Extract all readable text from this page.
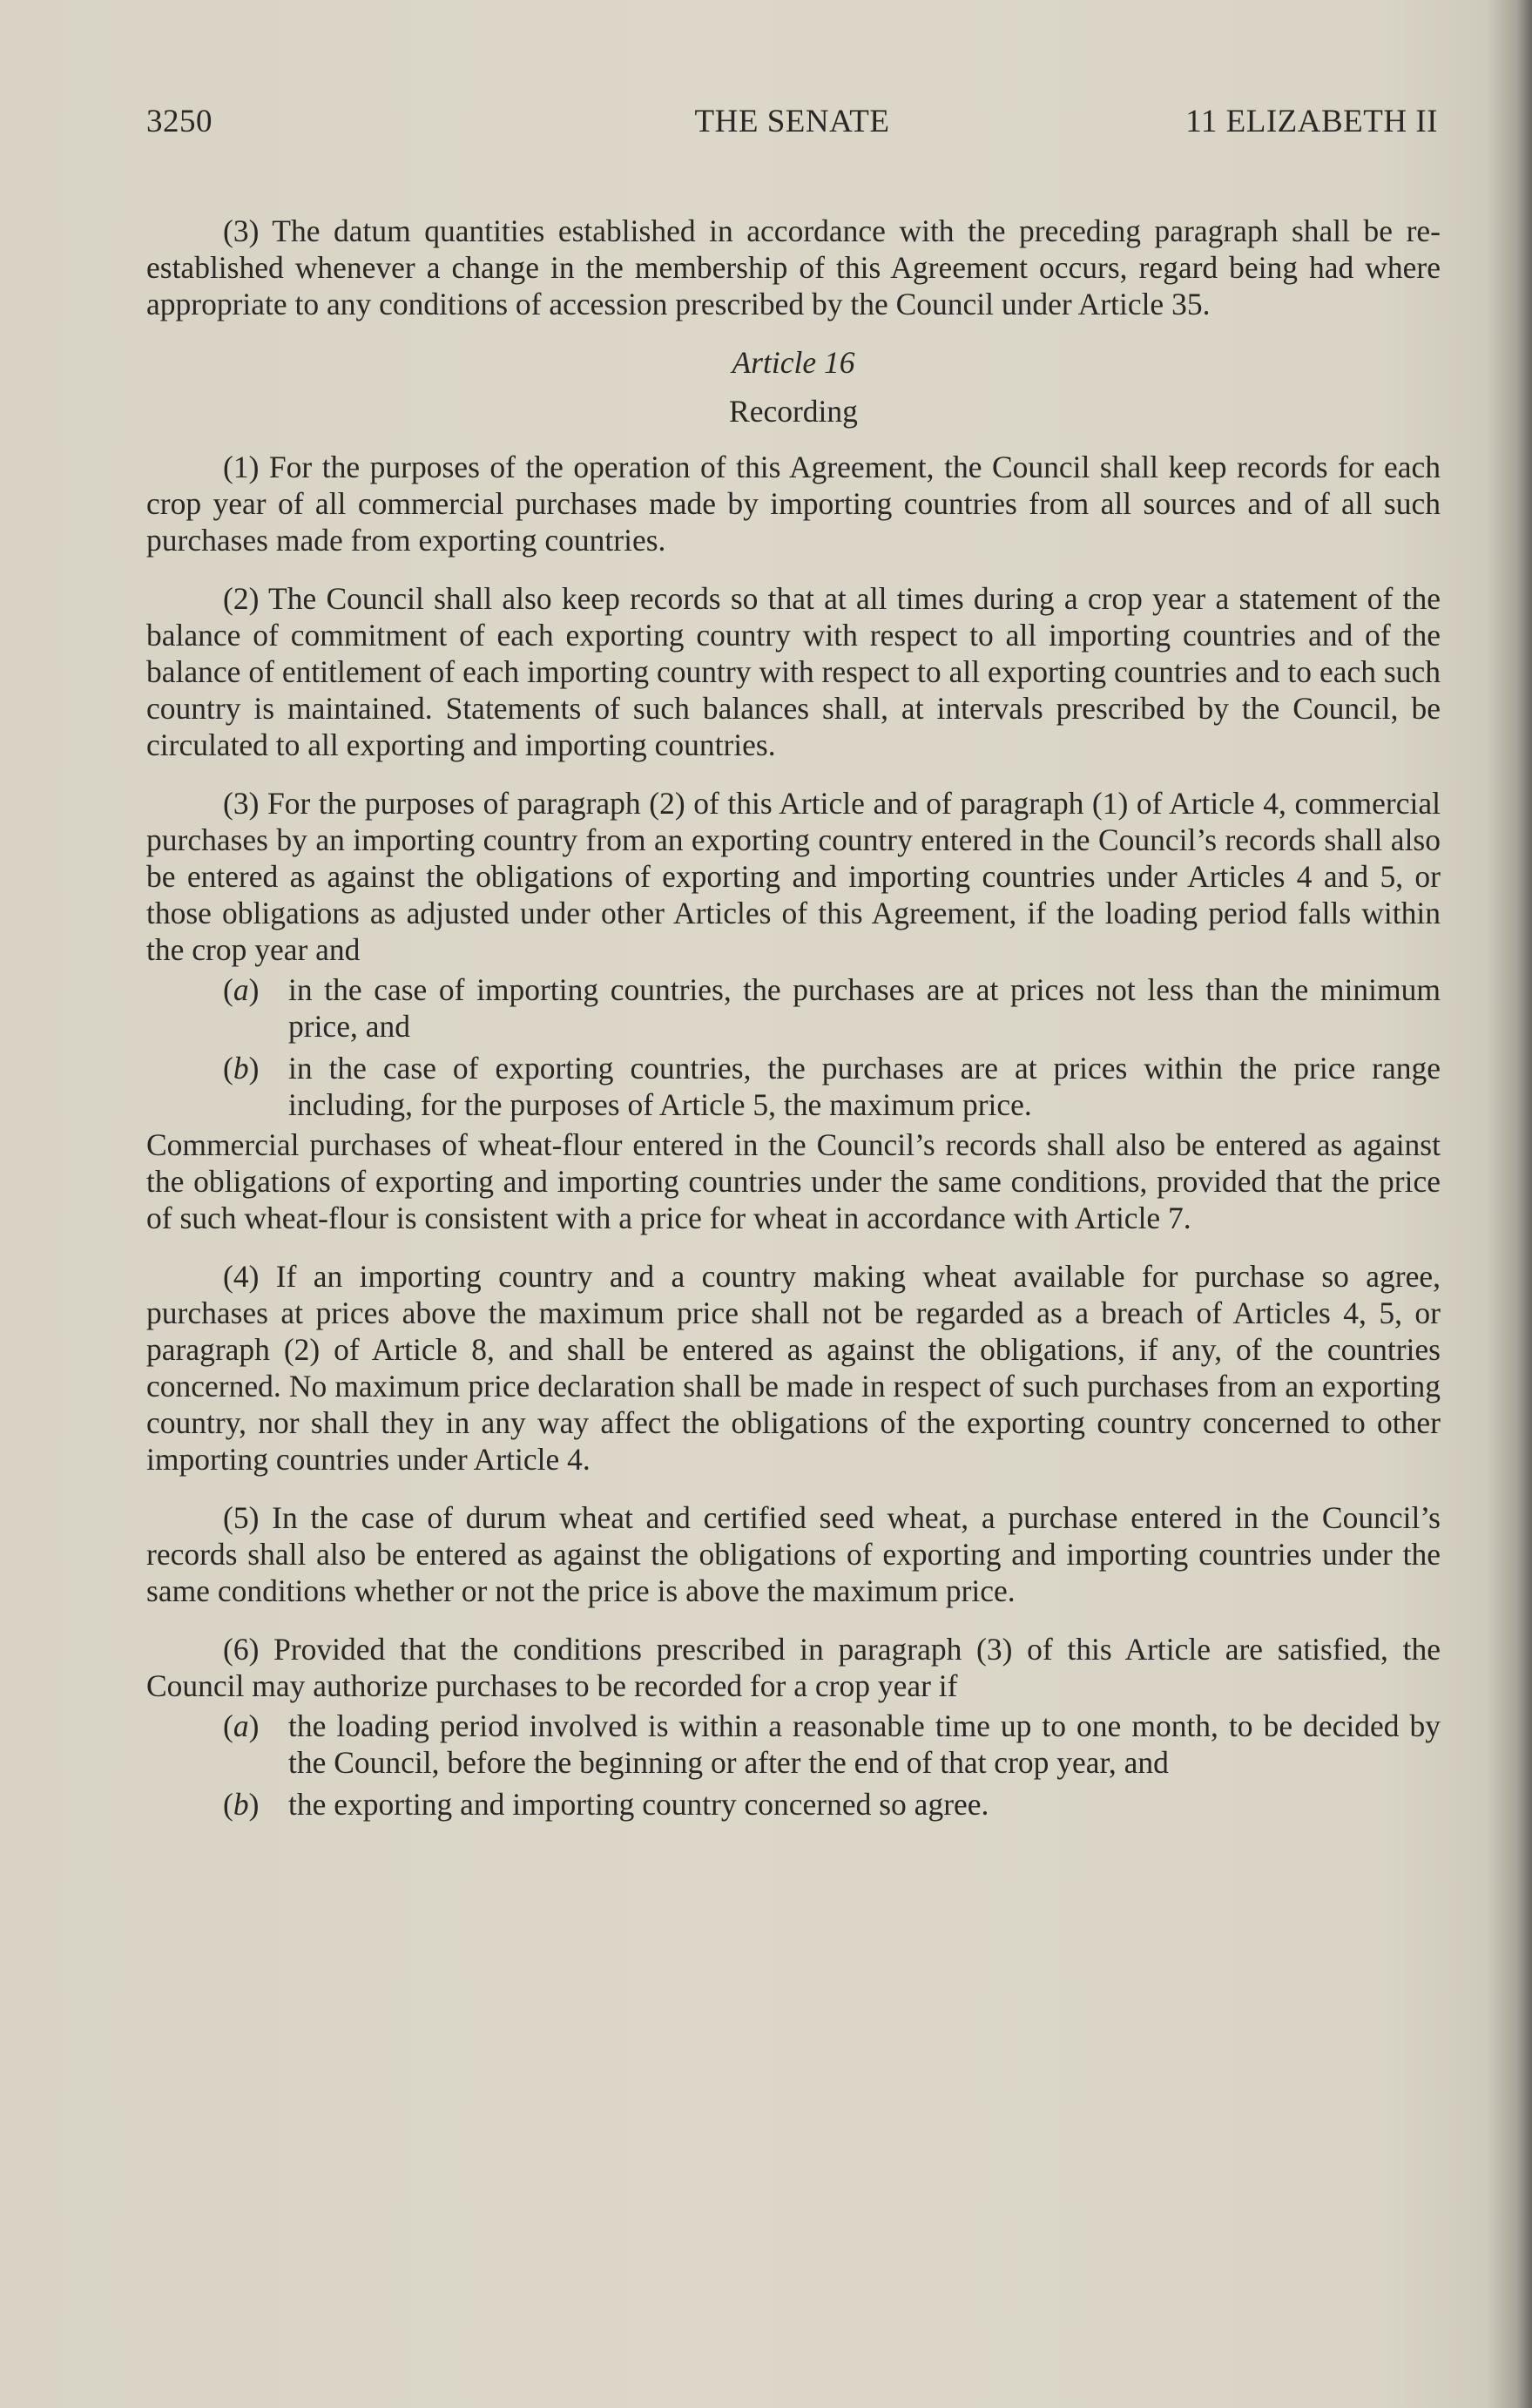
3250	THE SENATE	11 ELIZABETH II

(3) The datum quantities established in accordance with the preceding paragraph shall be re-established whenever a change in the membership of this Agreement occurs, regard being had where appropriate to any conditions of accession prescribed by the Council under Article 35.

Article 16
Recording

(1) For the purposes of the operation of this Agreement, the Council shall keep records for each crop year of all commercial purchases made by importing countries from all sources and of all such purchases made from exporting countries.

(2) The Council shall also keep records so that at all times during a crop year a statement of the balance of commitment of each exporting country with respect to all importing countries and of the balance of entitlement of each importing country with respect to all exporting countries and to each such country is maintained. Statements of such balances shall, at intervals prescribed by the Council, be circulated to all exporting and importing countries.

(3) For the purposes of paragraph (2) of this Article and of paragraph (1) of Article 4, commercial purchases by an importing country from an exporting country entered in the Council’s records shall also be entered as against the obligations of exporting and importing countries under Articles 4 and 5, or those obligations as adjusted under other Articles of this Agreement, if the loading period falls within the crop year and

(a) in the case of importing countries, the purchases are at prices not less than the minimum price, and
(b) in the case of exporting countries, the purchases are at prices within the price range including, for the purposes of Article 5, the maximum price.

Commercial purchases of wheat-flour entered in the Council’s records shall also be entered as against the obligations of exporting and importing countries under the same conditions, provided that the price of such wheat-flour is consistent with a price for wheat in accordance with Article 7.

(4) If an importing country and a country making wheat available for purchase so agree, purchases at prices above the maximum price shall not be regarded as a breach of Articles 4, 5, or paragraph (2) of Article 8, and shall be entered as against the obligations, if any, of the countries concerned. No maximum price declaration shall be made in respect of such purchases from an exporting country, nor shall they in any way affect the obligations of the exporting country concerned to other importing countries under Article 4.

(5) In the case of durum wheat and certified seed wheat, a purchase entered in the Council’s records shall also be entered as against the obligations of exporting and importing countries under the same conditions whether or not the price is above the maximum price.

(6) Provided that the conditions prescribed in paragraph (3) of this Article are satisfied, the Council may authorize purchases to be recorded for a crop year if

(a) the loading period involved is within a reasonable time up to one month, to be decided by the Council, before the beginning or after the end of that crop year, and
(b) the exporting and importing country concerned so agree.
